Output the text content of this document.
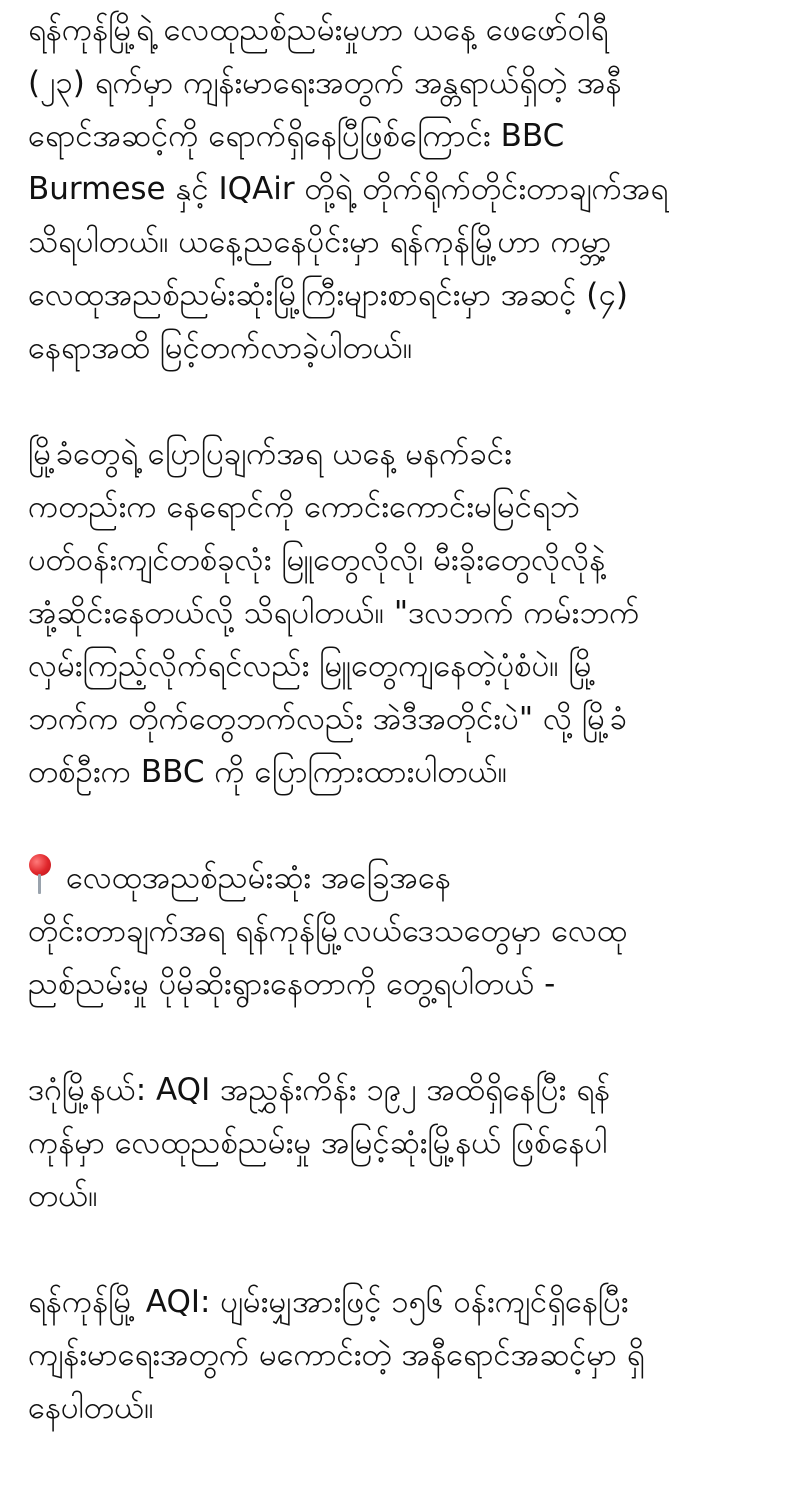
ရန်ကုန်မြို့ရဲ့ လေထုညစ်ညမ်းမှုဟာ ယနေ့ ဖေဖော်ဝါရီ
(၂၃) ရက်မှာ ကျန်းမာရေးအတွက် အန္တရာယ်ရှိတဲ့ အနီ
ရောင်အဆင့်ကို ရောက်ရှိနေပြီဖြစ်ကြောင်း BBC
Burmese နှင့် IQAir တို့ရဲ့ တိုက်ရိုက်တိုင်းတာချက်အရ
သိရပါတယ်။ ယနေ့ညနေပိုင်းမှာ ရန်ကုန်မြို့ဟာ ကမ္ဘာ့
လေထုအညစ်ညမ်းဆုံးမြို့ကြီးများစာရင်းမှာ အဆင့် (၄)
နေရာအထိ မြင့်တက်လာခဲ့ပါတယ်။
မြို့ခံတွေရဲ့ ပြောပြချက်အရ ယနေ့ မနက်ခင်း
ကတည်းက နေရောင်ကို ကောင်းကောင်းမမြင်ရဘဲ
ပတ်ဝန်းကျင်တစ်ခုလုံး မြူတွေလိုလို၊ မီးခိုးတွေလိုလိုနဲ့
အုံ့ဆိုင်းနေတယ်လို့ သိရပါတယ်။ "ဒလဘက် ကမ်းဘက်
လှမ်းကြည့်လိုက်ရင်လည်း မြူတွေကျနေတဲ့ပုံစံပဲ။ မြို့
ဘက်က တိုက်တွေဘက်လည်း အဲဒီအတိုင်းပဲ" လို့ မြို့ခံ
တစ်ဦးက BBC ကို ပြောကြားထားပါတယ်။
လေထုအညစ်ညမ်းဆုံး အခြေအနေ
တိုင်းတာချက်အရ ရန်ကုန်မြို့လယ်ဒေသတွေမှာ လေထု
ညစ်ညမ်းမှု ပိုမိုဆိုးရွားနေတာကို တွေ့ရပါတယ် -
ဒဂုံမြို့နယ်: AQI အညွှန်းကိန်း ၁၉၂ အထိရှိနေပြီး ရန်
ကုန်မှာ လေထုညစ်ညမ်းမှု အမြင့်ဆုံးမြို့နယ် ဖြစ်နေပါ
တယ်။
ရန်ကုန်မြို့ AQI: ပျမ်းမျှအားဖြင့် ၁၅၆ ဝန်းကျင်ရှိနေပြီး
ကျန်းမာရေးအတွက် မကောင်းတဲ့ အနီရောင်အဆင့်မှာ ရှိ
နေပါတယ်။
